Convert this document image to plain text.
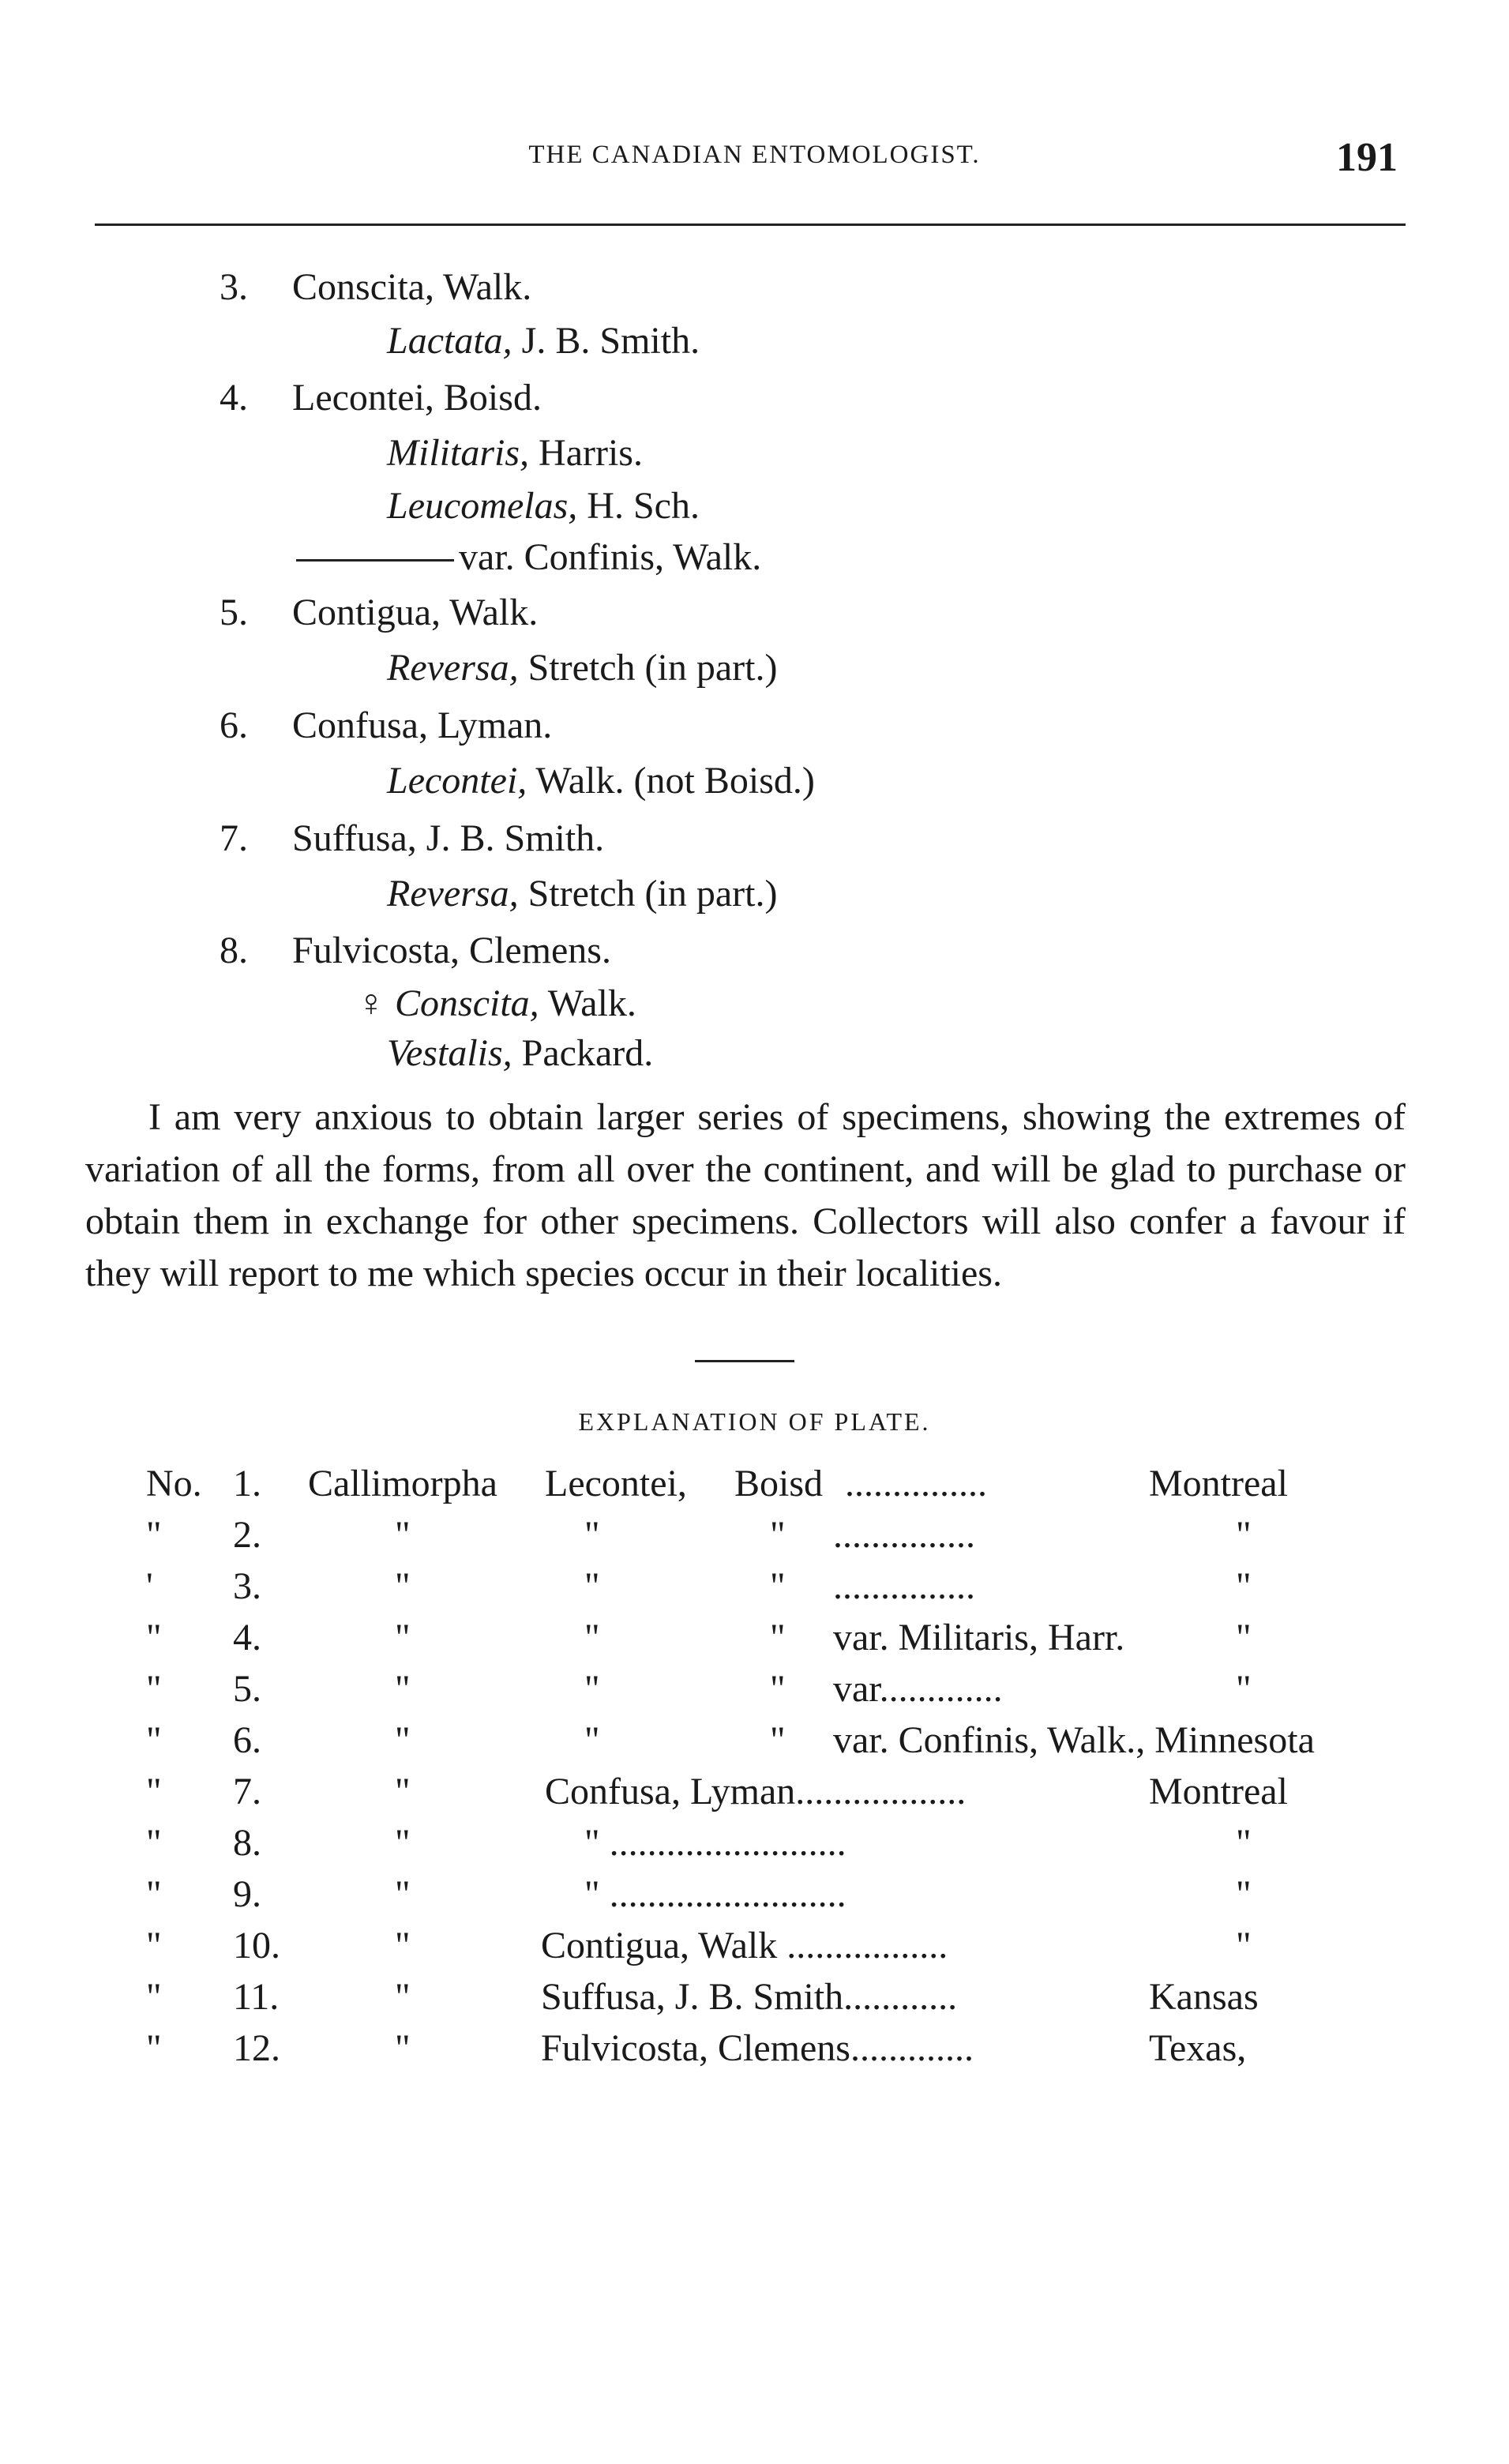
THE CANADIAN ENTOMOLOGIST.	191
3. Conscita, Walk.
Lactata, J. B. Smith.
4. Lecontei, Boisd.
Militaris, Harris.
Leucomelas, H. Sch.
var. Confinis, Walk.
5. Contigua, Walk.
Reversa, Stretch (in part.)
6. Confusa, Lyman.
Lecontei, Walk. (not Boisd.)
7. Suffusa, J. B. Smith.
Reversa, Stretch (in part.)
8. Fulvicosta, Clemens.
♀ Conscita, Walk.
Vestalis, Packard.

I am very anxious to obtain larger series of specimens, showing the extremes of variation of all the forms, from all over the continent, and will be glad to purchase or obtain them in exchange for other specimens. Collectors will also confer a favour if they will report to me which species occur in their localities.

EXPLANATION OF PLATE.
No. 1. Callimorpha Lecontei, Boisd ...............	Montreal
" 2.	"	"	" ...............	"
' 3.	"	"	" ...............	"
" 4.	"	"	" var. Militaris, Harr.	"
" 5.	"	"	" var.............	"
" 6.	"	"	" var. Confinis, Walk., Minnesota
" 7.	"	Confusa, Lyman..................	Montreal
" 8.	"	" .........................	"
" 9.	"	" .........................	"
" 10.	"	Contigua, Walk .................	"
" 11.	"	Suffusa, J. B. Smith............	Kansas
" 12.	"	Fulvicosta, Clemens.............	Texas,
